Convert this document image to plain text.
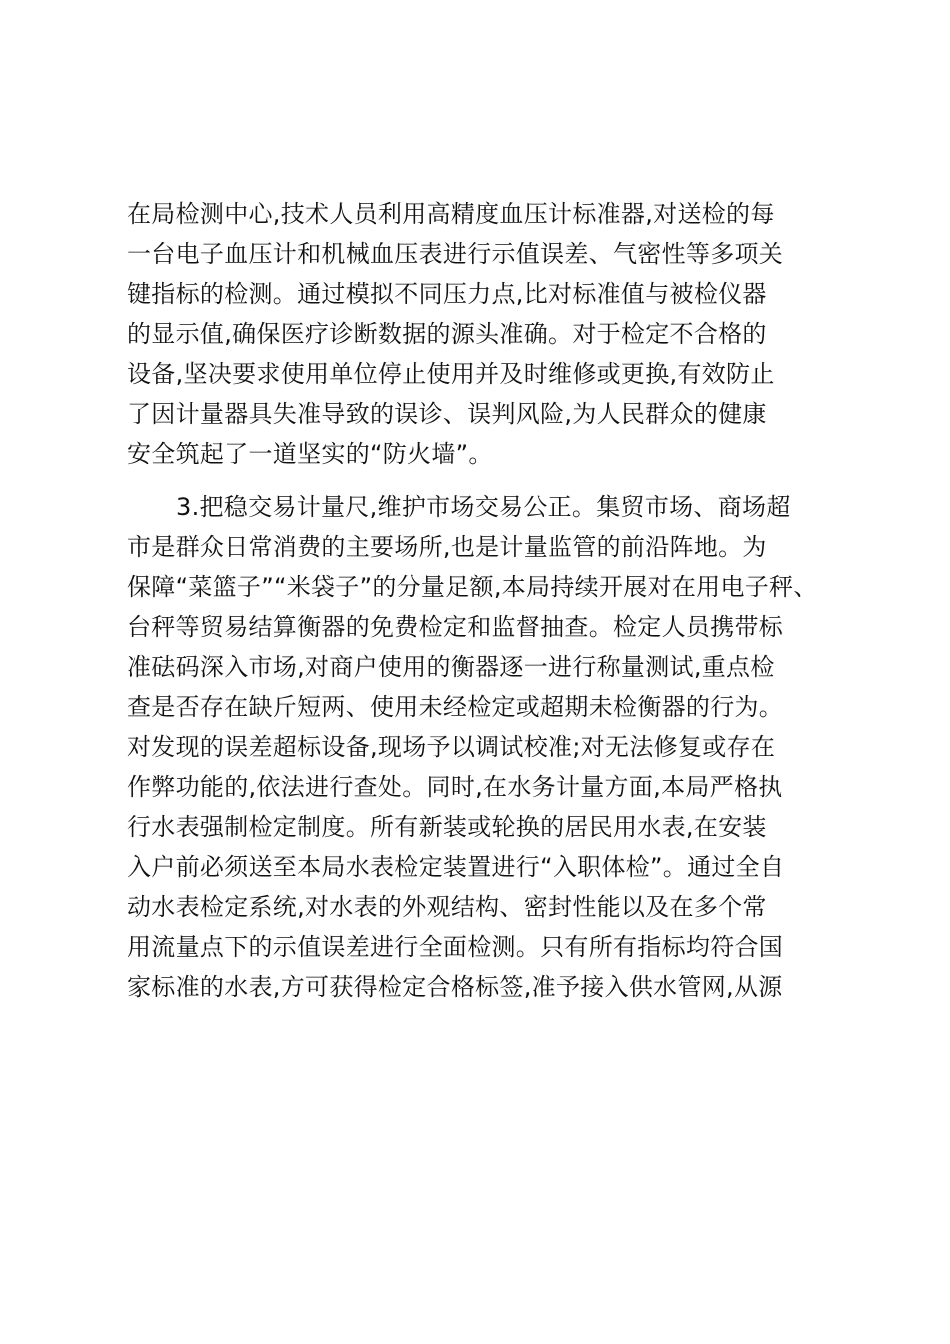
在局检测中心,技术人员利用高精度血压计标准器,对送检的每
一台电子血压计和机械血压表进行示值误差、气密性等多项关
键指标的检测。通过模拟不同压力点,比对标准值与被检仪器
的显示值,确保医疗诊断数据的源头准确。对于检定不合格的
设备,坚决要求使用单位停止使用并及时维修或更换,有效防止
了因计量器具失准导致的误诊、误判风险,为人民群众的健康
安全筑起了一道坚实的“防火墙”。
3.把稳交易计量尺,维护市场交易公正。集贸市场、商场超
市是群众日常消费的主要场所,也是计量监管的前沿阵地。为
保障“菜篮子”“米袋子”的分量足额,本局持续开展对在用电子秤、
台秤等贸易结算衡器的免费检定和监督抽查。检定人员携带标
准砝码深入市场,对商户使用的衡器逐一进行称量测试,重点检
查是否存在缺斤短两、使用未经检定或超期未检衡器的行为。
对发现的误差超标设备,现场予以调试校准;对无法修复或存在
作弊功能的,依法进行查处。同时,在水务计量方面,本局严格执
行水表强制检定制度。所有新装或轮换的居民用水表,在安装
入户前必须送至本局水表检定装置进行“入职体检”。通过全自
动水表检定系统,对水表的外观结构、密封性能以及在多个常
用流量点下的示值误差进行全面检测。只有所有指标均符合国
家标准的水表,方可获得检定合格标签,准予接入供水管网,从源
